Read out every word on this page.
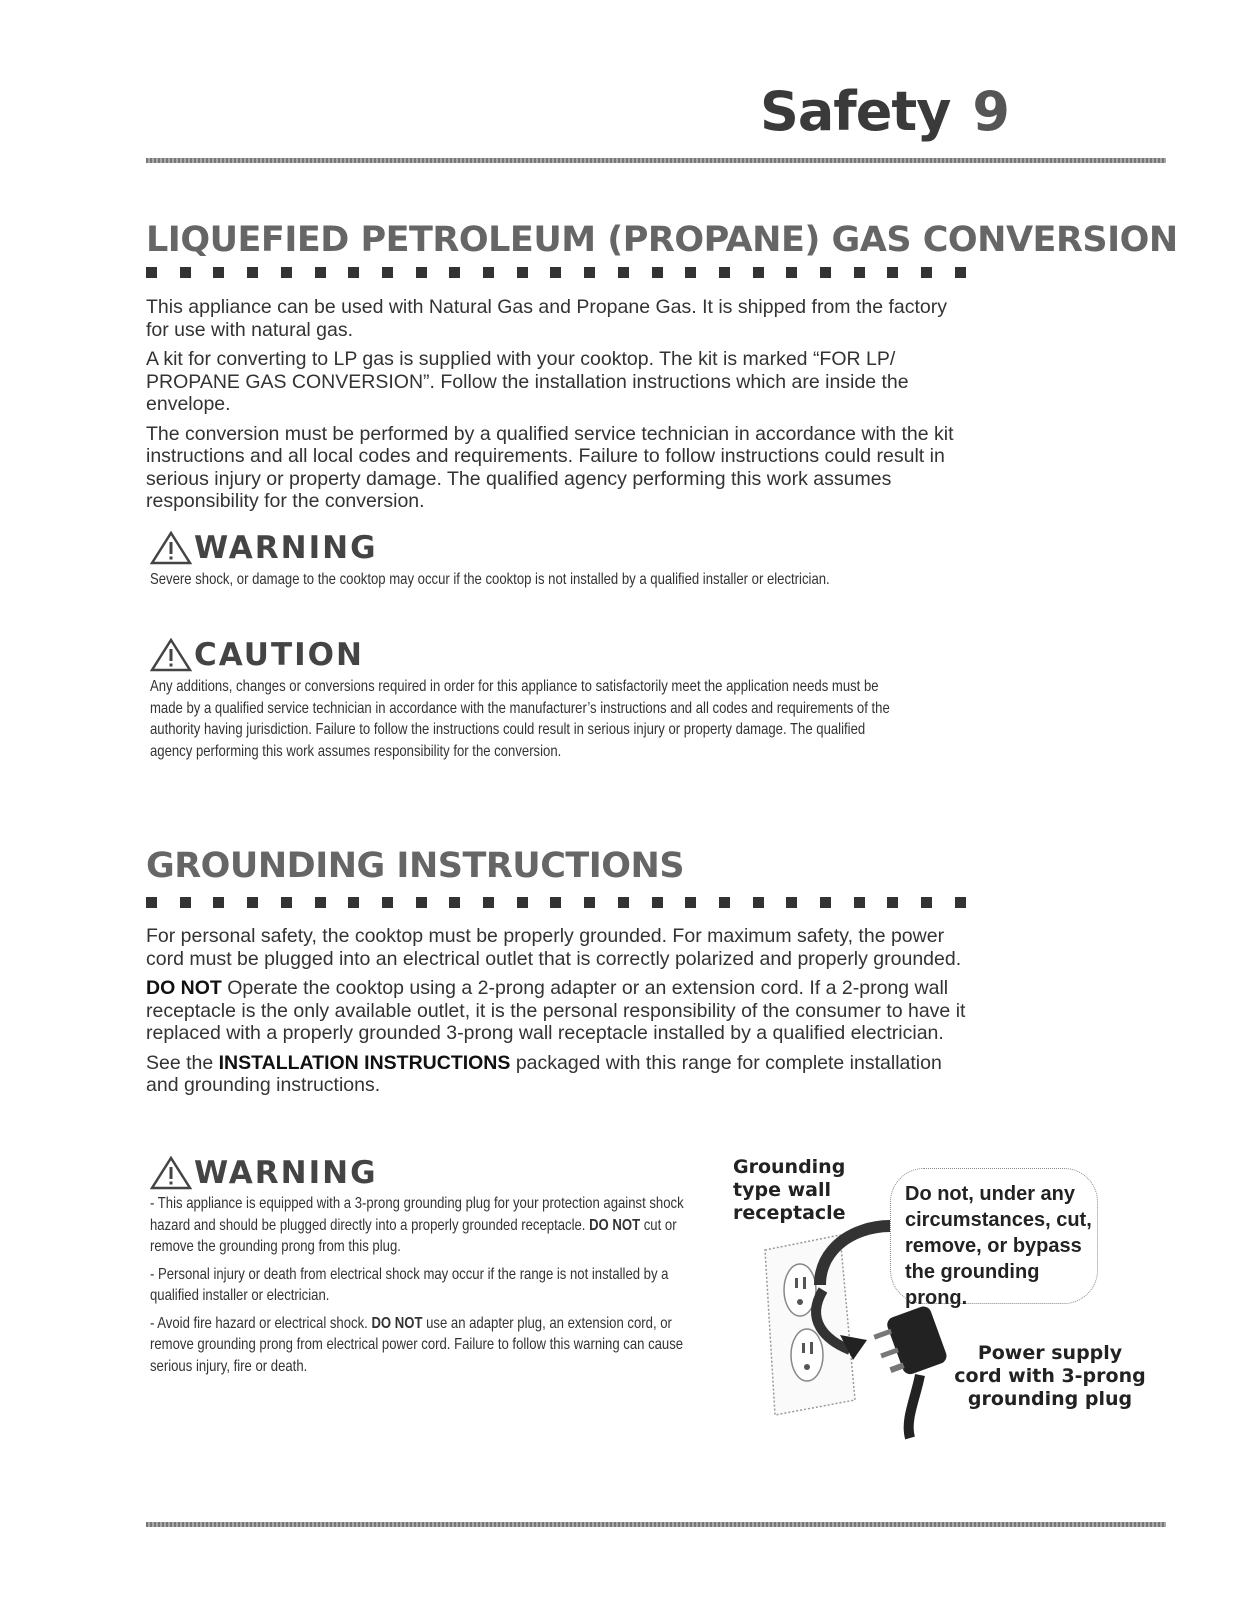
Safety 9
LIQUEFIED PETROLEUM (PROPANE) GAS CONVERSION

This appliance can be used with Natural Gas and Propane Gas. It is shipped from the factory for use with natural gas.

A kit for converting to LP gas is supplied with your cooktop. The kit is marked “FOR LP/ PROPANE GAS CONVERSION”. Follow the installation instructions which are inside the envelope.

The conversion must be performed by a qualified service technician in accordance with the kit instructions and all local codes and requirements. Failure to follow instructions could result in serious injury or property damage. The qualified agency performing this work assumes responsibility for the conversion.

WARNING

Severe shock, or damage to the cooktop may occur if the cooktop is not installed by a qualified installer or electrician.

CAUTION

Any additions, changes or conversions required in order for this appliance to satisfactorily meet the application needs must be made by a qualified service technician in accordance with the manufacturer’s instructions and all codes and requirements of the authority having jurisdiction. Failure to follow the instructions could result in serious injury or property damage. The qualified agency performing this work assumes responsibility for the conversion.

GROUNDING INSTRUCTIONS

For personal safety, the cooktop must be properly grounded. For maximum safety, the power cord must be plugged into an electrical outlet that is correctly polarized and properly grounded.

DO NOT Operate the cooktop using a 2-prong adapter or an extension cord. If a 2-prong wall receptacle is the only available outlet, it is the personal responsibility of the consumer to have it replaced with a properly grounded 3-prong wall receptacle installed by a qualified electrician.

See the INSTALLATION INSTRUCTIONS packaged with this range for complete installation and grounding instructions.

WARNING

- This appliance is equipped with a 3-prong grounding plug for your protection against shock hazard and should be plugged directly into a properly grounded receptacle. DO NOT cut or remove the grounding prong from this plug.

- Personal injury or death from electrical shock may occur if the range is not installed by a qualified installer or electrician.

- Avoid fire hazard or electrical shock. DO NOT use an adapter plug, an extension cord, or remove grounding prong from electrical power cord. Failure to follow this warning can cause serious injury, fire or death.

Grounding
type wall
receptacle
Power supply
cord with 3-prong
grounding plug
Do not, under any circumstances, cut, remove, or bypass the grounding prong.
